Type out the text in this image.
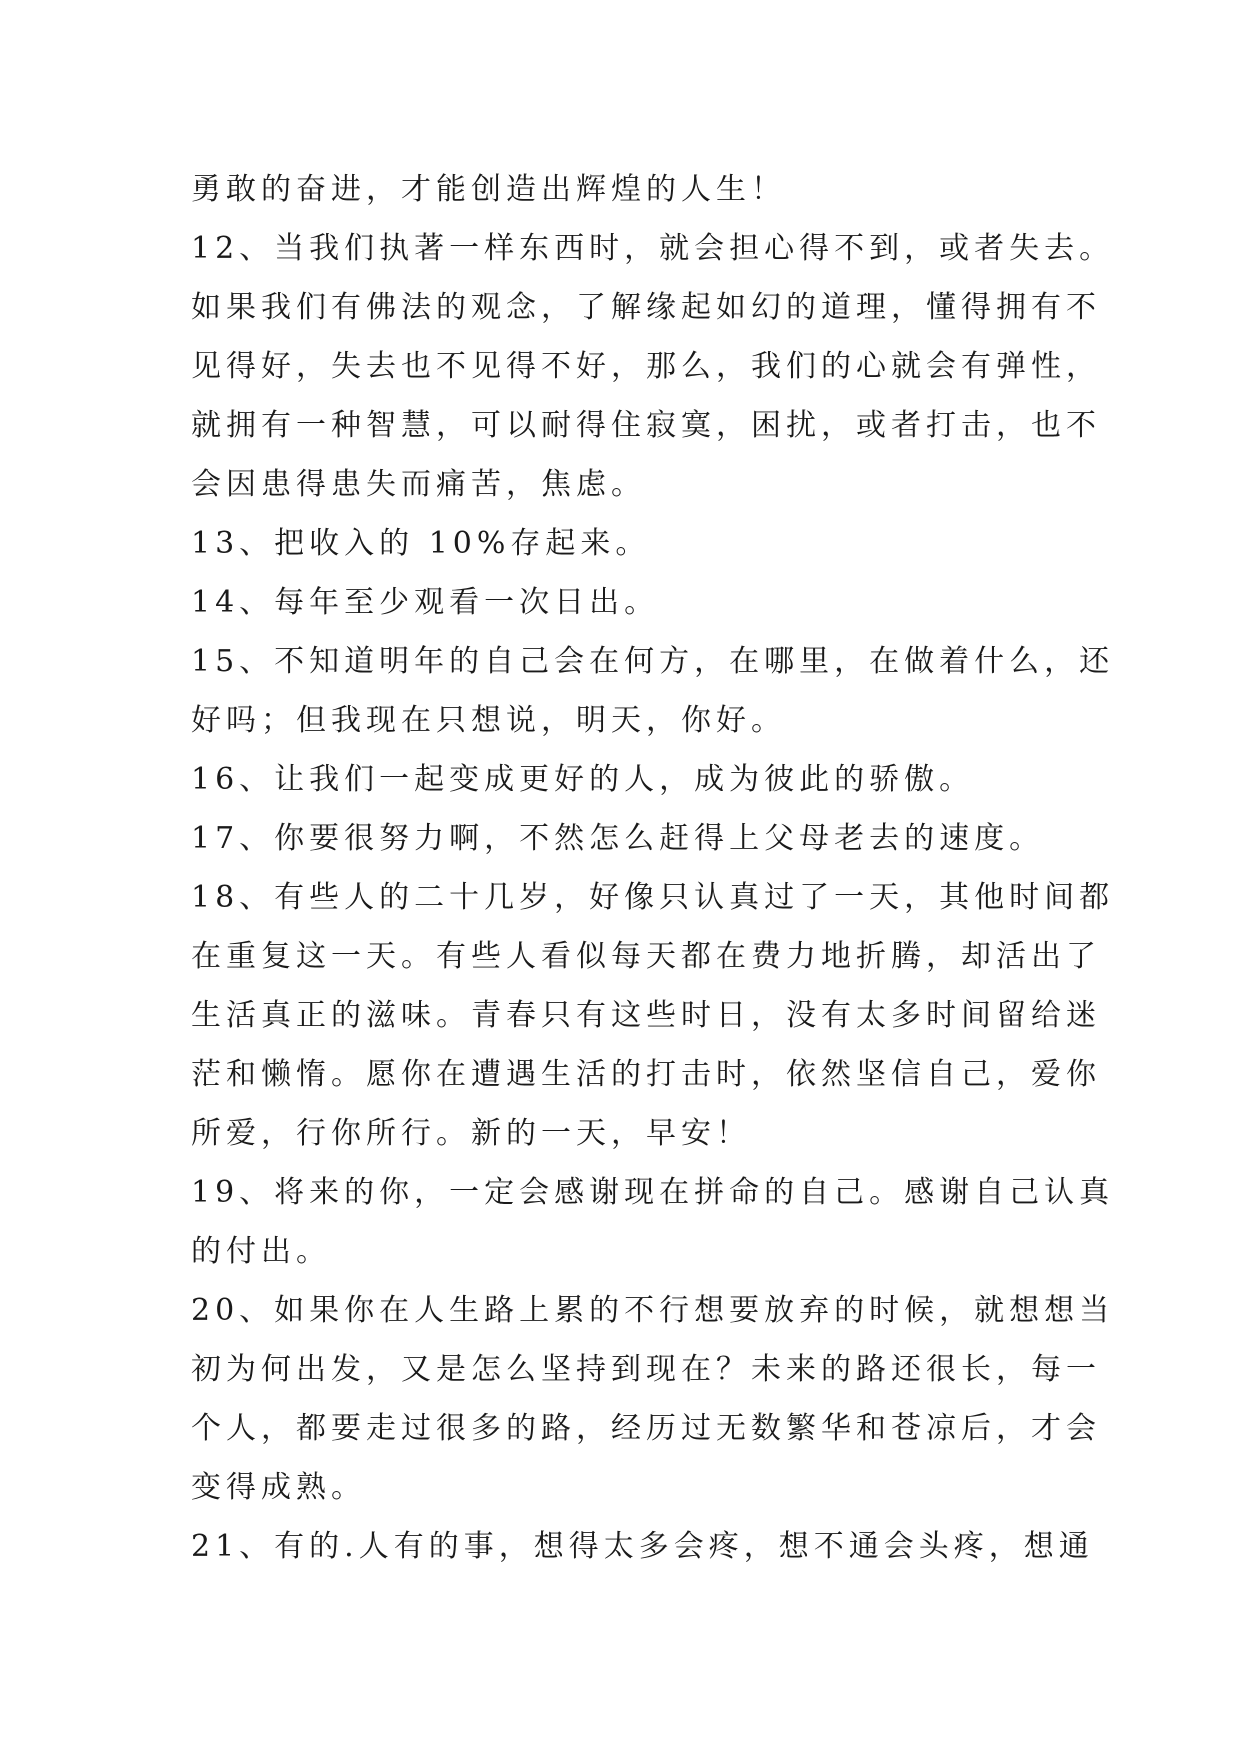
勇敢的奋进，才能创造出辉煌的人生！
12、当我们执著一样东西时，就会担心得不到，或者失去。
如果我们有佛法的观念，了解缘起如幻的道理，懂得拥有不
见得好，失去也不见得不好，那么，我们的心就会有弹性，
就拥有一种智慧，可以耐得住寂寞，困扰，或者打击，也不
会因患得患失而痛苦，焦虑。
13、把收入的 10%存起来。
14、每年至少观看一次日出。
15、不知道明年的自己会在何方，在哪里，在做着什么，还
好吗；但我现在只想说，明天，你好。
16、让我们一起变成更好的人，成为彼此的骄傲。
17、你要很努力啊，不然怎么赶得上父母老去的速度。
18、有些人的二十几岁，好像只认真过了一天，其他时间都
在重复这一天。有些人看似每天都在费力地折腾，却活出了
生活真正的滋味。青春只有这些时日，没有太多时间留给迷
茫和懒惰。愿你在遭遇生活的打击时，依然坚信自己，爱你
所爱，行你所行。新的一天，早安！
19、将来的你，一定会感谢现在拼命的自己。感谢自己认真
的付出。
20、如果你在人生路上累的不行想要放弃的时候，就想想当
初为何出发，又是怎么坚持到现在？未来的路还很长，每一
个人，都要走过很多的路，经历过无数繁华和苍凉后，才会
变得成熟。
21、有的.人有的事，想得太多会疼，想不通会头疼，想通
